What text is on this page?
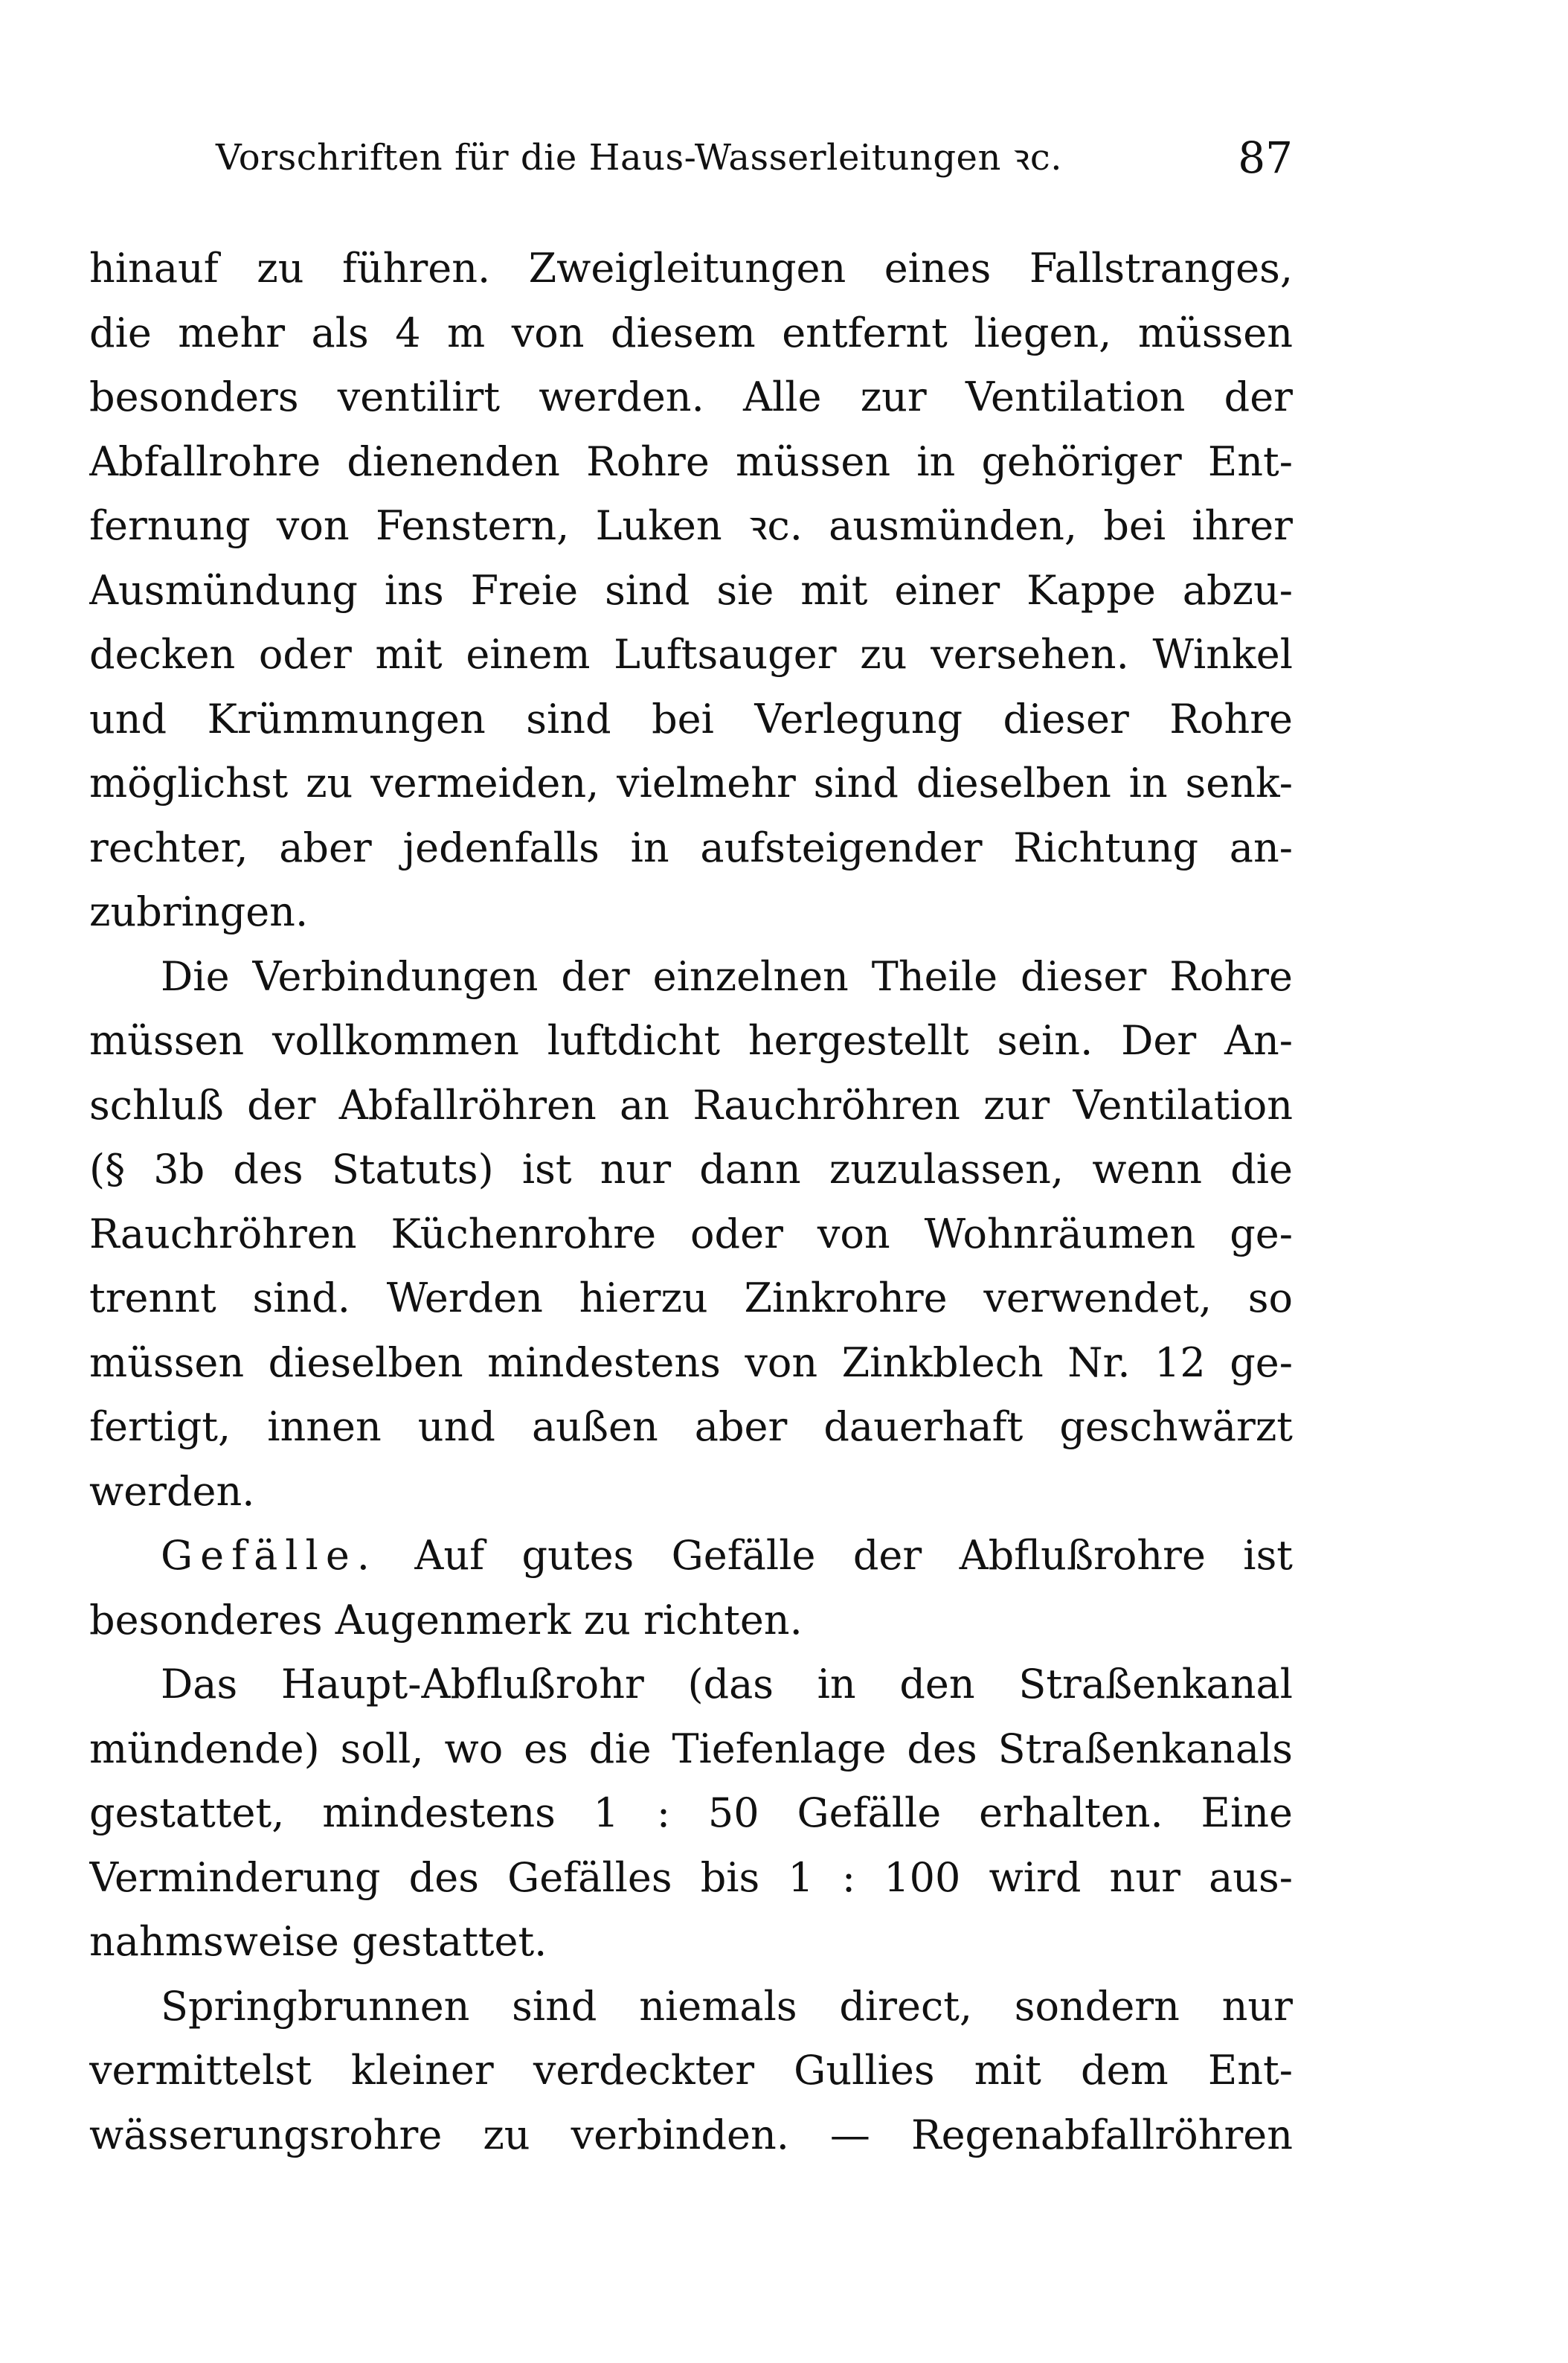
Vorschriften für die Haus-Wasserleitungen ꝛc.	87
hinauf zu führen. Zweigleitungen eines Fallstranges,
die mehr als 4 m von diesem entfernt liegen, müssen
besonders ventilirt werden. Alle zur Ventilation der
Abfallrohre dienenden Rohre müssen in gehöriger Ent-
fernung von Fenstern, Luken ꝛc. ausmünden, bei ihrer
Ausmündung ins Freie sind sie mit einer Kappe abzu-
decken oder mit einem Luftsauger zu versehen. Winkel
und Krümmungen sind bei Verlegung dieser Rohre
möglichst zu vermeiden, vielmehr sind dieselben in senk-
rechter, aber jedenfalls in aufsteigender Richtung an-
zubringen.
Die Verbindungen der einzelnen Theile dieser Rohre
müssen vollkommen luftdicht hergestellt sein. Der An-
schluß der Abfallröhren an Rauchröhren zur Ventilation
(§ 3b des Statuts) ist nur dann zuzulassen, wenn die
Rauchröhren Küchenrohre oder von Wohnräumen ge-
trennt sind. Werden hierzu Zinkrohre verwendet, so
müssen dieselben mindestens von Zinkblech Nr. 12 ge-
fertigt, innen und außen aber dauerhaft geschwärzt
werden.
Gefälle. Auf gutes Gefälle der Abflußrohre ist
besonderes Augenmerk zu richten.
Das Haupt-Abflußrohr (das in den Straßenkanal
mündende) soll, wo es die Tiefenlage des Straßenkanals
gestattet, mindestens 1 : 50 Gefälle erhalten. Eine
Verminderung des Gefälles bis 1 : 100 wird nur aus-
nahmsweise gestattet.
Springbrunnen sind niemals direct, sondern nur
vermittelst kleiner verdeckter Gullies mit dem Ent-
wässerungsrohre zu verbinden. — Regenabfallröhren
